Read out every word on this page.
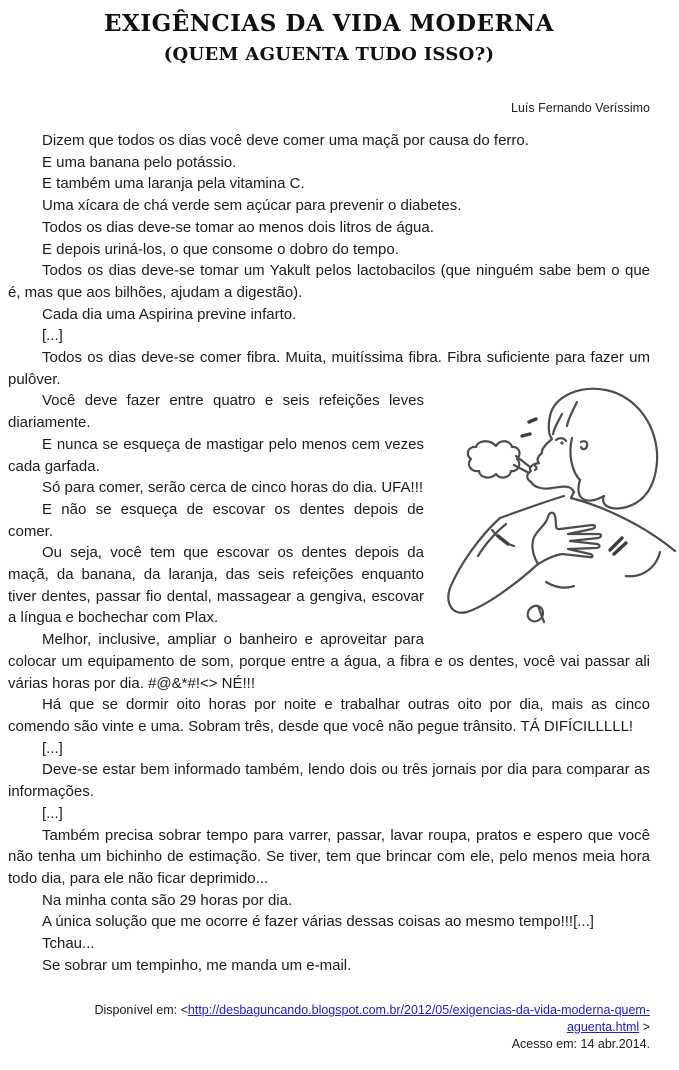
EXIGÊNCIAS DA VIDA MODERNA
(QUEM AGUENTA TUDO ISSO?)
Luís Fernando Veríssimo

Dizem que todos os dias você deve comer uma maçã por causa do ferro.

E uma banana pelo potássio.

E também uma laranja pela vitamina C.

Uma xícara de chá verde sem açúcar para prevenir o diabetes.

Todos os dias deve-se tomar ao menos dois litros de água.

E depois uriná-los, o que consome o dobro do tempo.

Todos os dias deve-se tomar um Yakult pelos lactobacilos (que ninguém sabe bem o que é, mas que aos bilhões, ajudam a digestão).

Cada dia uma Aspirina previne infarto.

[...]

Todos os dias deve-se comer fibra. Muita, muitíssima fibra. Fibra suficiente para fazer um pulôver.

Você deve fazer entre quatro e seis refeições leves diariamente.

E nunca se esqueça de mastigar pelo menos cem vezes cada garfada.

Só para comer, serão cerca de cinco horas do dia. UFA!!!

E não se esqueça de escovar os dentes depois de comer.

Ou seja, você tem que escovar os dentes depois da maçã, da banana, da laranja, das seis refeições enquanto tiver dentes, passar fio dental, massagear a gengiva, escovar a língua e bochechar com Plax.

Melhor, inclusive, ampliar o banheiro e aproveitar para colocar um equipamento de som, porque entre a água, a fibra e os dentes, você vai passar ali várias horas por dia. #@&*#!<> NÉ!!!

Há que se dormir oito horas por noite e trabalhar outras oito por dia, mais as cinco comendo são vinte e uma. Sobram três, desde que você não pegue trânsito. TÁ DIFÍCILLLLL!

[...]

Deve-se estar bem informado também, lendo dois ou três jornais por dia para comparar as informações.

[...]

Também precisa sobrar tempo para varrer, passar, lavar roupa, pratos e espero que você não tenha um bichinho de estimação. Se tiver, tem que brincar com ele, pelo menos meia hora todo dia, para ele não ficar deprimido...

Na minha conta são 29 horas por dia.

A única solução que me ocorre é fazer várias dessas coisas ao mesmo tempo!!![...]

Tchau...

Se sobrar um tempinho, me manda um e-mail.

Disponível em: <http://desbaguncando.blogspot.com.br/2012/05/exigencias-da-vida-moderna-quem-aguenta.html >
Acesso em: 14 abr.2014.
